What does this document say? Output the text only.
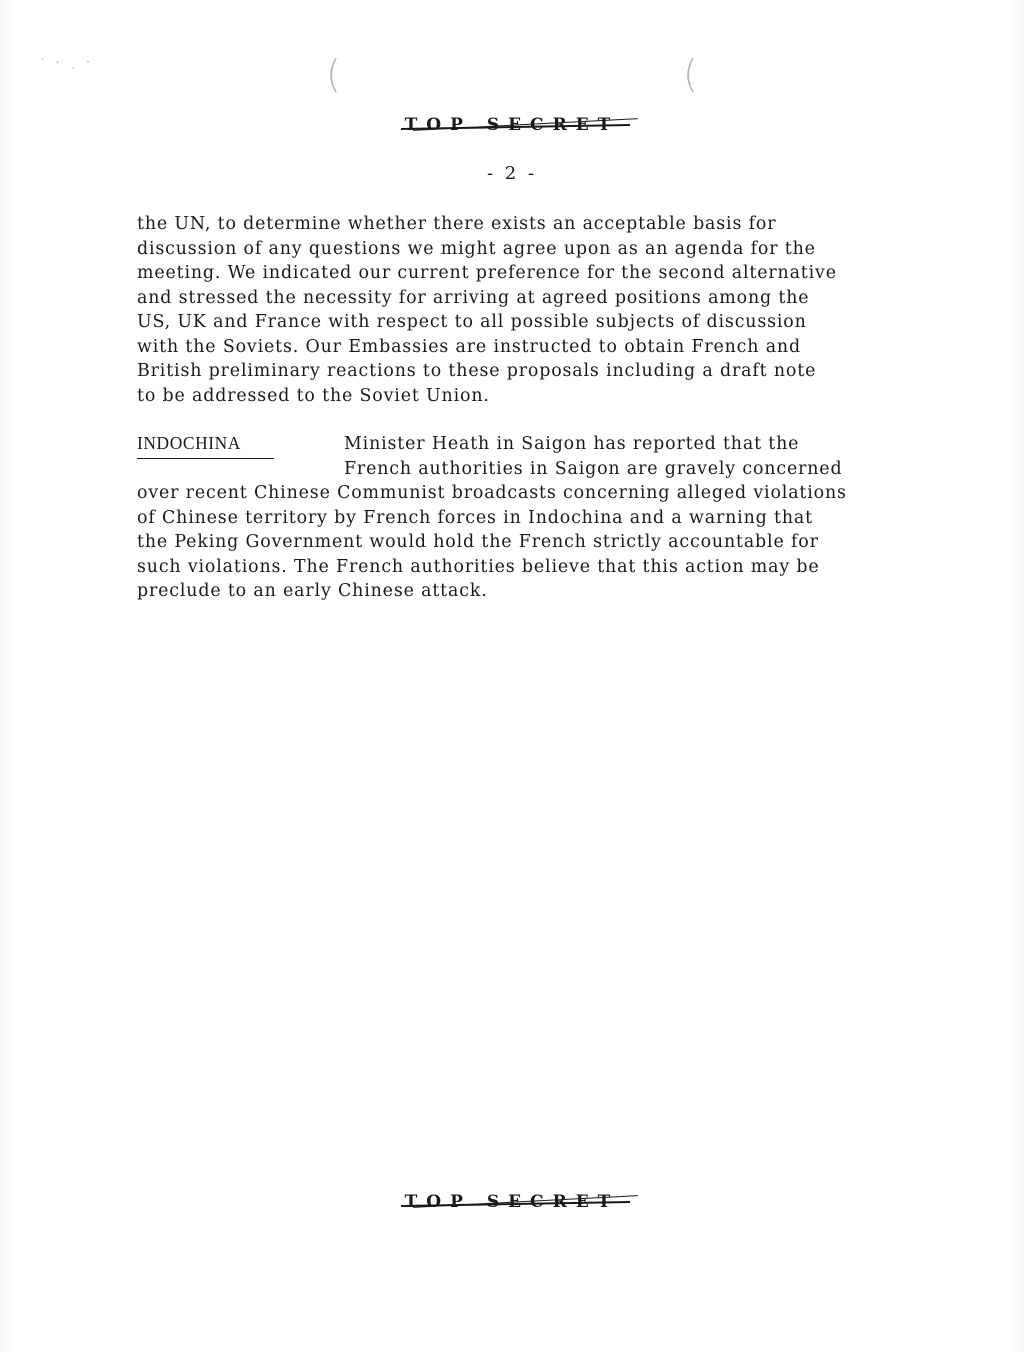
˙ ˒ ˏ ˑ	(	(
TOP SECRET
- 2 -
the UN, to determine whether there exists an acceptable basis for
discussion of any questions we might agree upon as an agenda for the
meeting. We indicated our current preference for the second alternative
and stressed the necessity for arriving at agreed positions among the
US, UK and France with respect to all possible subjects of discussion
with the Soviets. Our Embassies are instructed to obtain French and
British preliminary reactions to these proposals including a draft note
to be addressed to the Soviet Union.
INDOCHINA	Minister Heath in Saigon has reported that the
French authorities in Saigon are gravely concerned
over recent Chinese Communist broadcasts concerning alleged violations
of Chinese territory by French forces in Indochina and a warning that
the Peking Government would hold the French strictly accountable for
such violations. The French authorities believe that this action may be
preclude to an early Chinese attack.
TOP SECRET
